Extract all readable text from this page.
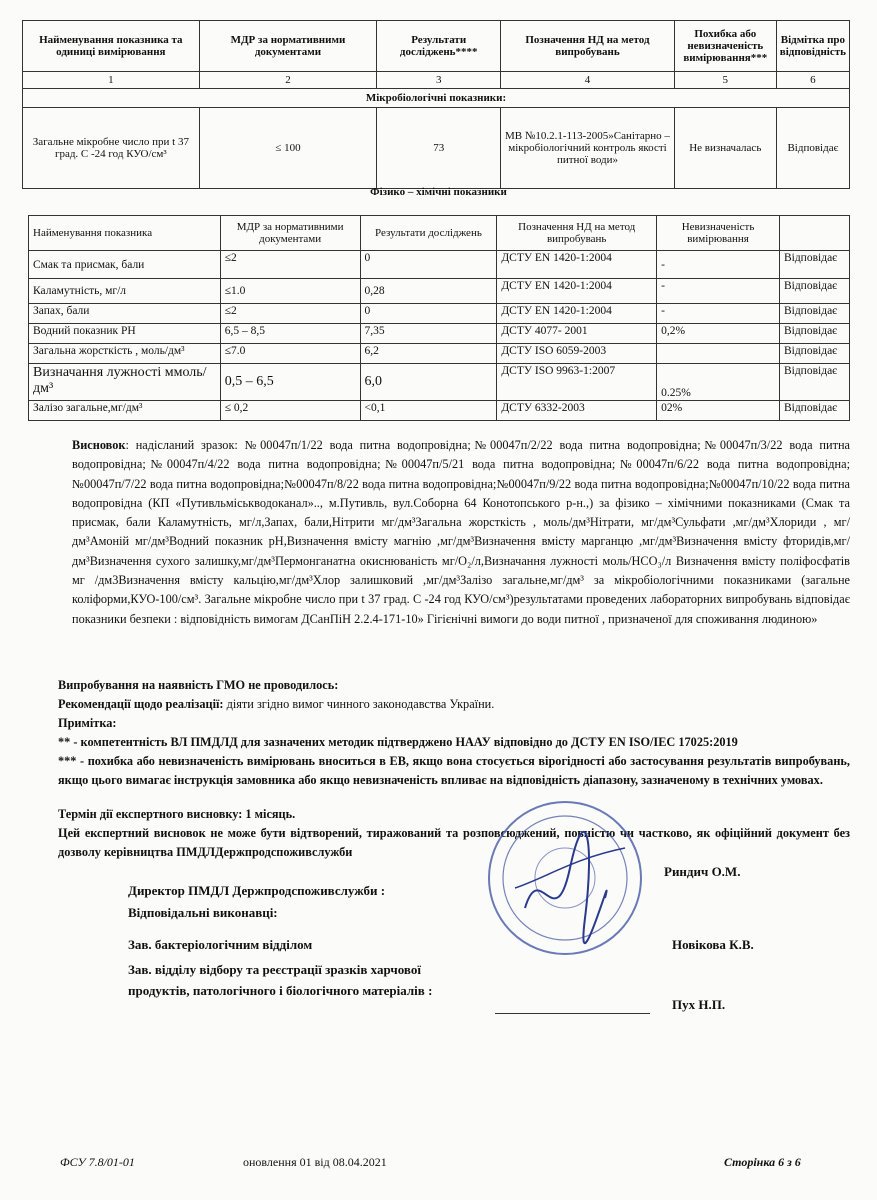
Найменування показника та одиниці вимірювання	МДР за нормативними документами	Результати досліджень****	Позначення НД на метод випробувань	Похибка або невизначеність вимірювання***	Відмітка про відповідність
1	2	3	4	5	6
Мікробіологічні показники:					
Загальне мікробне число при t 37 град. С -24 год КУО/см³	≤ 100	73	МВ №10.2.1-113-2005»Санітарно – мікробіологічний контроль якості питної води»	Не визначалась	Відповідає
Фізико – хімічні показники
Найменування показника	МДР за нормативними документами	Результати досліджень	Позначення НД на метод випробувань	Невизначеність вимірювання	
Смак та присмак, бали	≤2	0	ДСТУ EN 1420-1:2004	-	Відповідає
Каламутність, мг/л	≤1.0	0,28	ДСТУ EN 1420-1:2004	-	Відповідає
Запах, бали	≤2	0	ДСТУ EN 1420-1:2004	-	Відповідає
Водний показник РН	6,5 – 8,5	7,35	ДСТУ 4077- 2001	0,2%	Відповідає
Загальна жорсткість , моль/дм³	≤7.0	6,2	ДСТУ ISO 6059-2003		Відповідає
Визначання лужності ммоль/дм³	0,5 – 6,5	6,0	ДСТУ ISO 9963-1:2007	0.25%	Відповідає
Залізо загальне,мг/дм³	≤ 0,2	<0,1	ДСТУ 6332-2003	02%	Відповідає

Висновок: надісланий зразок: №00047п/1/22 вода питна водопровідна;№00047п/2/22 вода питна водопровідна;№00047п/3/22 вода питна водопровідна;№00047п/4/22 вода питна водопровідна;№00047п/5/21 вода питна водопровідна;№00047п/6/22 вода питна водопровідна;№00047п/7/22 вода питна водопровідна;№00047п/8/22 вода питна водопровідна;№00047п/9/22 вода питна водопровідна;№00047п/10/22 вода питна водопровідна (КП «Путивльміськводоканал».., м.Путивль, вул.Соборна 64 Конотопського р-н.,) за фізико – хімічними показниками (Смак та присмак, бали Каламутність, мг/л,Запах, бали,Нітрити мг/дм³Загальна жорсткість , моль/дм³Нітрати, мг/дм³Сульфати ,мг/дм³Хлориди , мг/дм³Амоній мг/дм³Водний показник рН,Визначення вмісту магнію ,мг/дм³Визначення вмісту марганцю ,мг/дм³Визначення вмісту фторидів,мг/дм³Визначення сухого залишку,мг/дм³Пермонганатна окиснюваність мг/О₂/л,Визначання лужності моль/НСО₃/л Визначення вмісту поліфосфатів мг /дм3Визначення вмісту кальцію,мг/дм³Хлор залишковий ,мг/дм³Залізо загальне,мг/дм³ за мікробіологічними показниками (загальне коліформи,КУО-100/см³. Загальне мікробне число при t 37 град. С -24 год КУО/см³)результатами проведених лабораторних випробувань відповідає показники безпеки : відповідність вимогам ДСанПіН 2.2.4-171-10» Гігієнічні вимоги до води питної , призначеної для споживання людиною»

Випробування на наявність ГМО не проводилось:
Рекомендації щодо реалізації: діяти згідно вимог чинного законодавства України.
Примітка:
** - компетентність ВЛ ПМДЛД для зазначених методик підтверджено НААУ відповідно до ДСТУ EN ISO/IEC 17025:2019
*** - похибка або невизначеність вимірювань вноситься в ЕВ, якщо вона стосується вірогідності або застосування результатів випробувань, якщо цього вимагає інструкція замовника або якщо невизначеність впливає на відповідність діапазону, зазначеному в технічних умовах.
Термін дії експертного висновку: 1 місяць.
Цей експертний висновок не може бути відтворений, тиражований та розповсюджений, повністю чи частково, як офіційний документ без дозволу керівництва ПМДЛДержпродспоживслужби
Директор ПМДЛ Держпродспоживслужби :
Відповідальні виконавці:
Риндич О.М.
Зав. бактеріологічним відділом	Новікова К.В.
Зав. відділу відбору та реєстрації зразків харчової продуктів, патологічного і біологічного матеріалів :
Пух Н.П.
ФСУ 7.8/01-01	оновлення 01 від 08.04.2021	Сторінка 6 з 6
